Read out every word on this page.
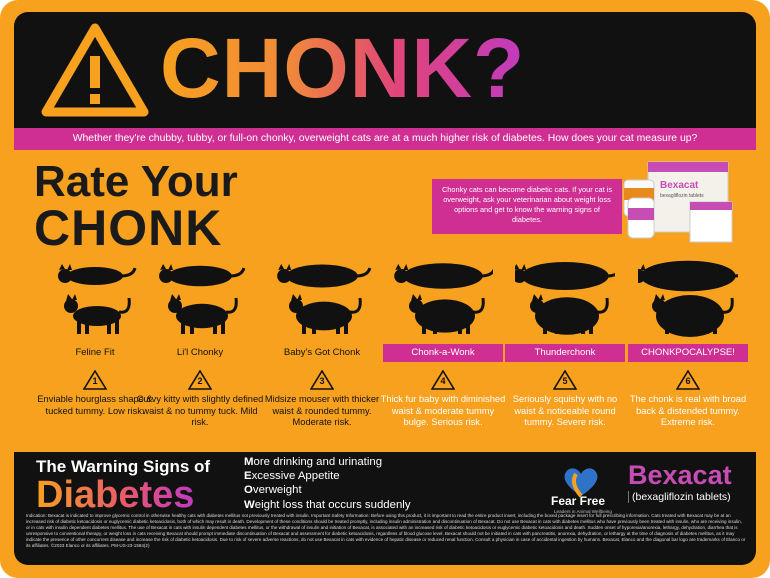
CHONK?
Whether they're chubby, tubby, or full-on chonky, overweight cats are at a much higher risk of diabetes. How does your cat measure up?
Rate Your
CHONK
Chonky cats can become diabetic cats. If your cat is overweight, ask your veterinarian about weight loss options and get to know the warning signs of diabetes.
Bexacat
bexagliflozin tablets
Feline Fit	Li'l Chonky	Baby's Got Chonk	Chonk-a-Wonk	Thunderchonk	CHONKPOCALYPSE!
1	2	3	4	5	6
Enviable hourglass shape & tucked tummy. Low risk.
Curvy kitty with slightly defined waist & no tummy tuck. Mild risk.
Midsize mouser with thicker waist & rounded tummy. Moderate risk.
Thick fur baby with diminished waist & moderate tummy bulge. Serious risk.
Seriously squishy with no waist & noticeable round tummy. Severe risk.
The chonk is real with broad back & distended tummy. Extreme risk.
The Warning Signs of
Diabetes
More drinking and urinating
Excessive Appetite
Overweight
Weight loss that occurs suddenly	Fear Free
Leaders in Animal Wellbeing
Bexacat
(bexagliflozin tablets)
Indication: Bexacat is indicated to improve glycemic control in otherwise healthy cats with diabetes mellitus not previously treated with insulin. Important Safety Information: Before using this product, it is important to read the entire product insert, including the boxed package insert for full prescribing information. Cats treated with Bexacat may be at an increased risk of diabetic ketoacidosis or euglycemic diabetic ketoacidosis, both of which may result in death. Development of these conditions should be treated promptly, including insulin administration and discontinuation of Bexacat. Do not use Bexacat in cats with diabetes mellitus who have previously been treated with insulin, who are receiving insulin, or in cats with insulin dependent diabetes mellitus. The use of Bexacat in cats with insulin dependent diabetes mellitus, or the withdrawal of insulin and initiation of Bexacat, is associated with an increased risk of diabetic ketoacidosis or euglycemic diabetic ketoacidosis and death. Sudden onset of hyporexia/anorexia, lethargy, dehydration, diarrhea that is unresponsive to conventional therapy, or weight loss in cats receiving Bexacat should prompt immediate discontinuation of Bexacat and assessment for diabetic ketoacidosis, regardless of blood glucose level. Bexacat should not be initiated in cats with pancreatitis, anorexia, dehydration, or lethargy at the time of diagnosis of diabetes mellitus, as it may indicate the presence of other concurrent disease and increase the risk of diabetic ketoacidosis. Due to risk of severe adverse reactions, do not use Bexacat in cats with evidence of hepatic disease or reduced renal function. Consult a physician in case of accidental ingestion by humans. Bexacat, Elanco and the diagonal bar logo are trademarks of Elanco or its affiliates. ©2023 Elanco or its affiliates. PM-US-23-1584(2)
